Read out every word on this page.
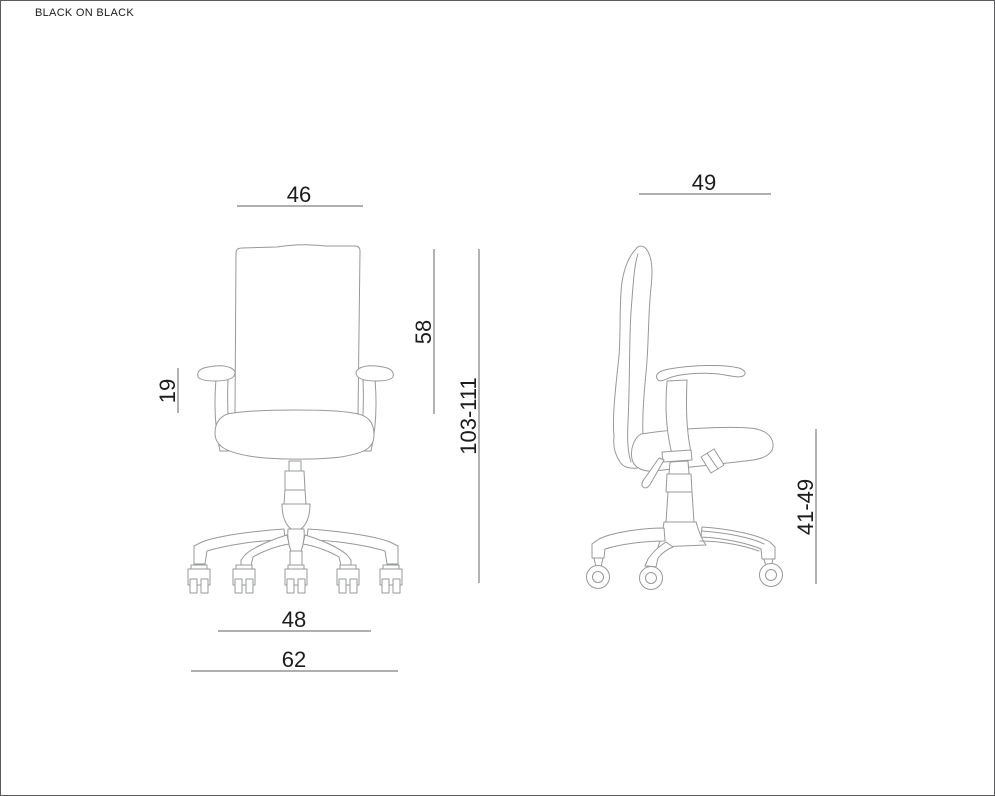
BLACK ON BLACK
46
19
58
103-111
48
62
49
41-49
